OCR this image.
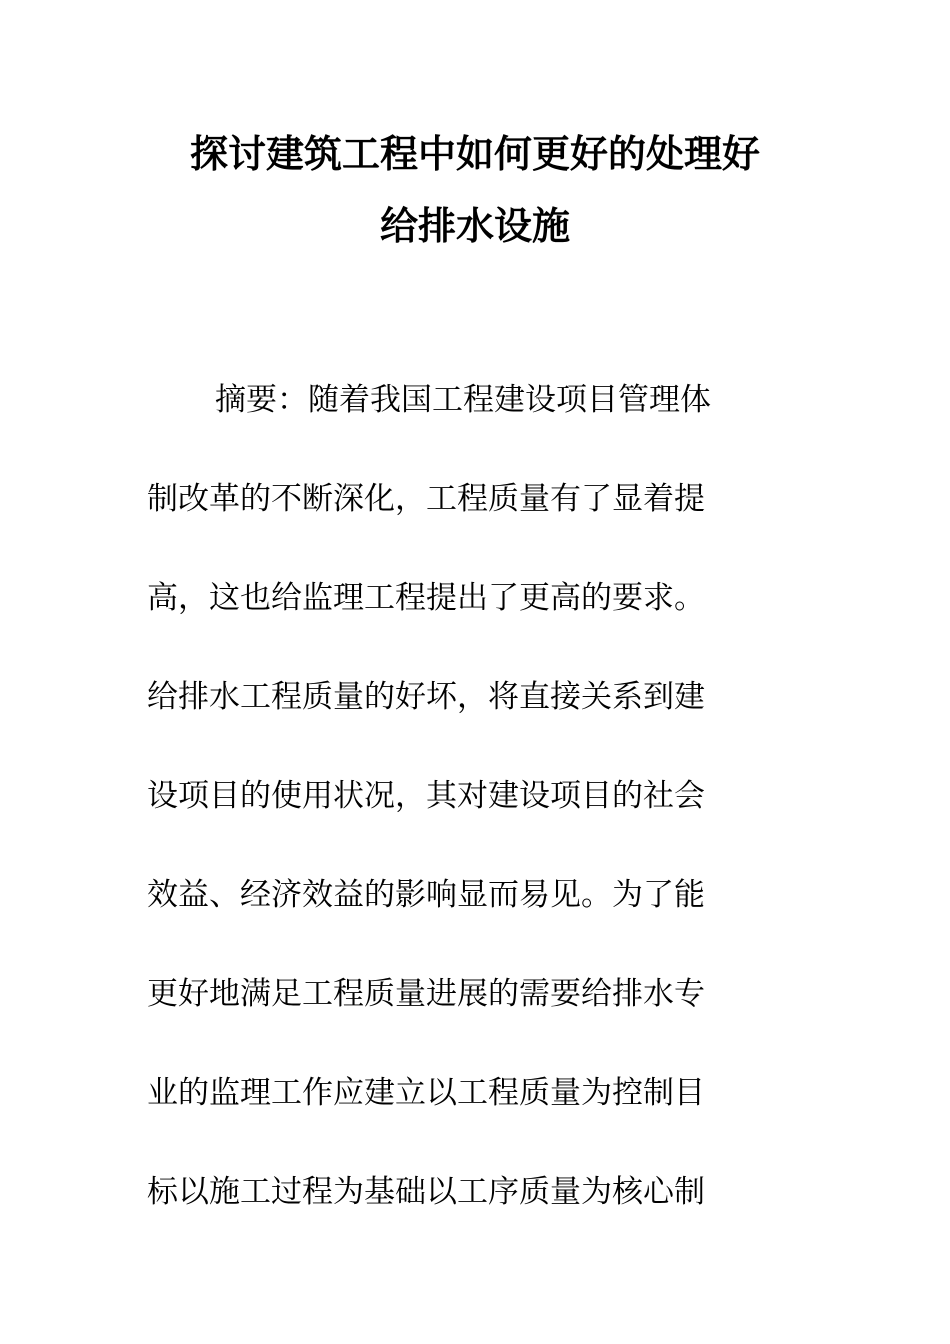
探讨建筑工程中如何更好的处理好
给排水设施
摘要：随着我国工程建设项目管理体
制改革的不断深化，工程质量有了显着提
高，这也给监理工程提出了更高的要求。
给排水工程质量的好坏，将直接关系到建
设项目的使用状况，其对建设项目的社会
效益、经济效益的影响显而易见。为了能
更好地满足工程质量进展的需要给排水专
业的监理工作应建立以工程质量为控制目
标以施工过程为基础以工序质量为核心制
